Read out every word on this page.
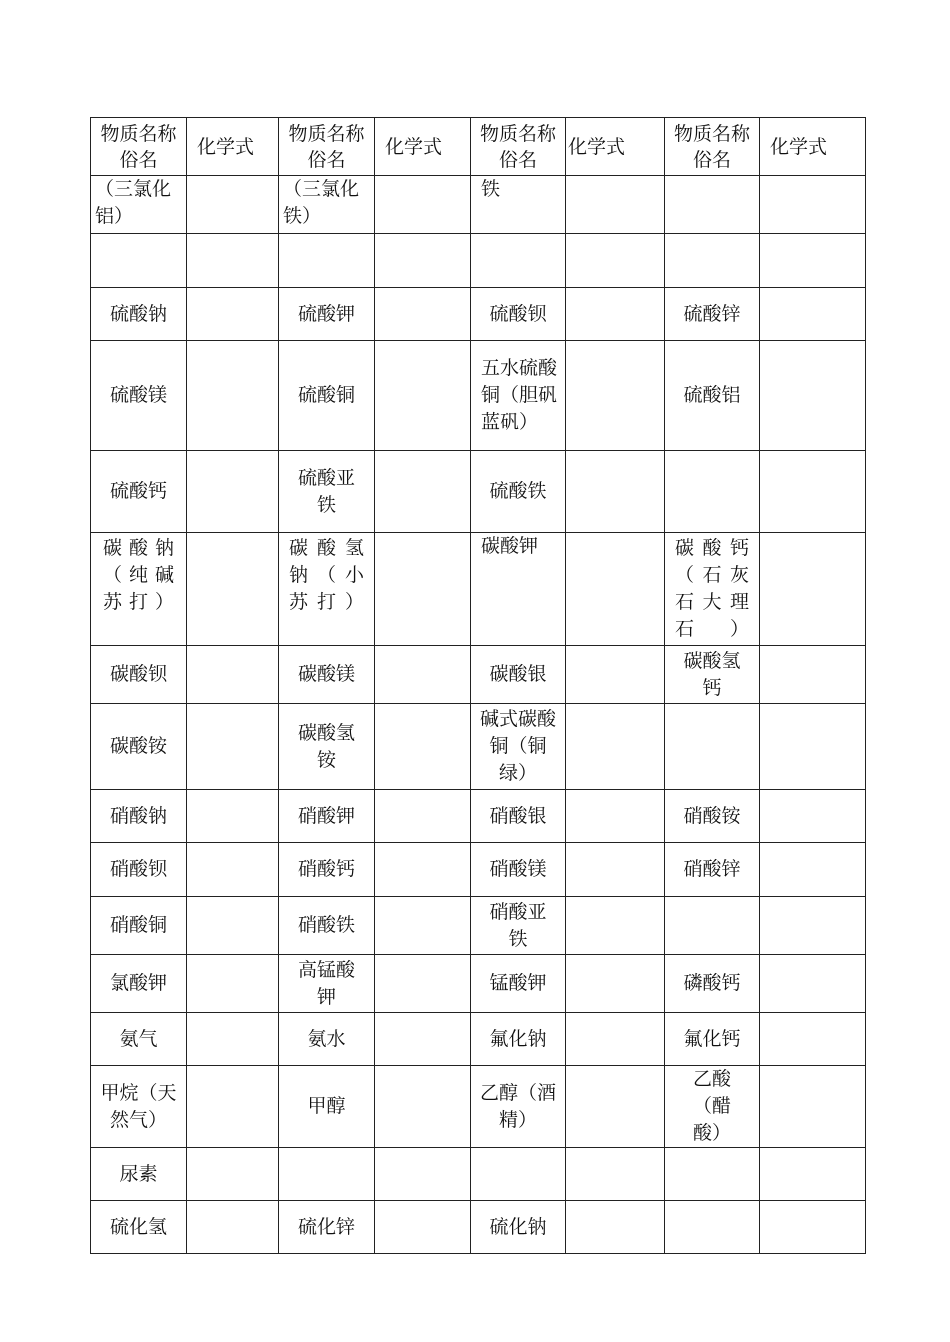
物质名称 俗名	化学式	物质名称 俗名	化学式	物质名称俗名	化学式	物质名称俗名	化学式
（三氯化铝）		（三氯化铁）		铁			

硫酸钠		硫酸钾		硫酸钡		硫酸锌	
硫酸镁		硫酸铜		五水硫酸铜（胆矾蓝矾）		硫酸铝	
硫酸钙		硫酸亚铁		硫酸铁			
碳酸钠（纯碱苏打）		碳酸氢钠（小苏打）		碳酸钾		碳酸钙（石灰石大理石）	
碳酸钡		碳酸镁		碳酸银		碳酸氢钙	
碳酸铵		碳酸氢铵		碱式碳酸铜（铜绿）			
硝酸钠		硝酸钾		硝酸银		硝酸铵	
硝酸钡		硝酸钙		硝酸镁		硝酸锌	
硝酸铜		硝酸铁		硝酸亚铁			
氯酸钾		高锰酸钾		锰酸钾		磷酸钙	
氨气		氨水		氟化钠		氟化钙	
甲烷（天然气）		甲醇		乙醇（酒精）		乙酸（醋酸）	
尿素							
硫化氢		硫化锌		硫化钠			
